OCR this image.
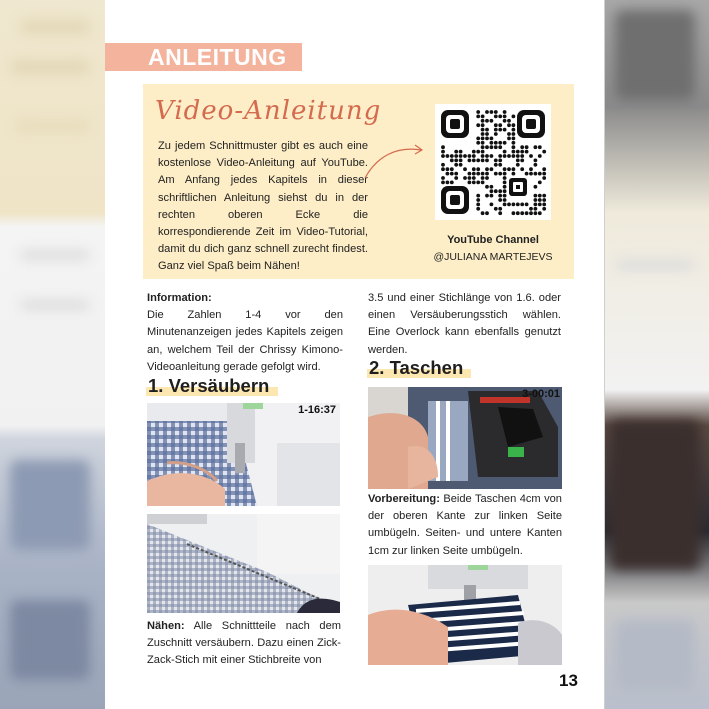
ANLEITUNG
Video-Anleitung
Zu jedem Schnittmuster gibt es auch eine kostenlose Video-Anleitung auf YouTube. Am Anfang jedes Kapitels in dieser schriftlichen Anleitung siehst du in der rechten oberen Ecke die korrespondierende Zeit im Video-Tutorial, damit du dich ganz schnell zurecht findest. Ganz viel Spaß beim Nähen!
YouTube Channel
@JULIANA MARTEJEVS
Information:
Die Zahlen 1-4 vor den Minutenanzeigen jedes Kapitels zeigen an, welchem Teil der Chrissy Kimono-Videoanleitung gerade gefolgt wird.
1. Versäubern
1-16:37
Nähen: Alle Schnittteile nach dem Zuschnitt versäubern. Dazu einen Zick-Zack-Stich mit einer Stichbreite von
3.5 und einer Stichlänge von 1.6. oder einen Versäuberungsstich wählen. Eine Overlock kann ebenfalls genutzt werden.
2. Taschen
3-00:01
Vorbereitung: Beide Taschen 4cm von der oberen Kante zur linken Seite umbügeln. Seiten- und untere Kanten 1cm zur linken Seite umbügeln.
13
